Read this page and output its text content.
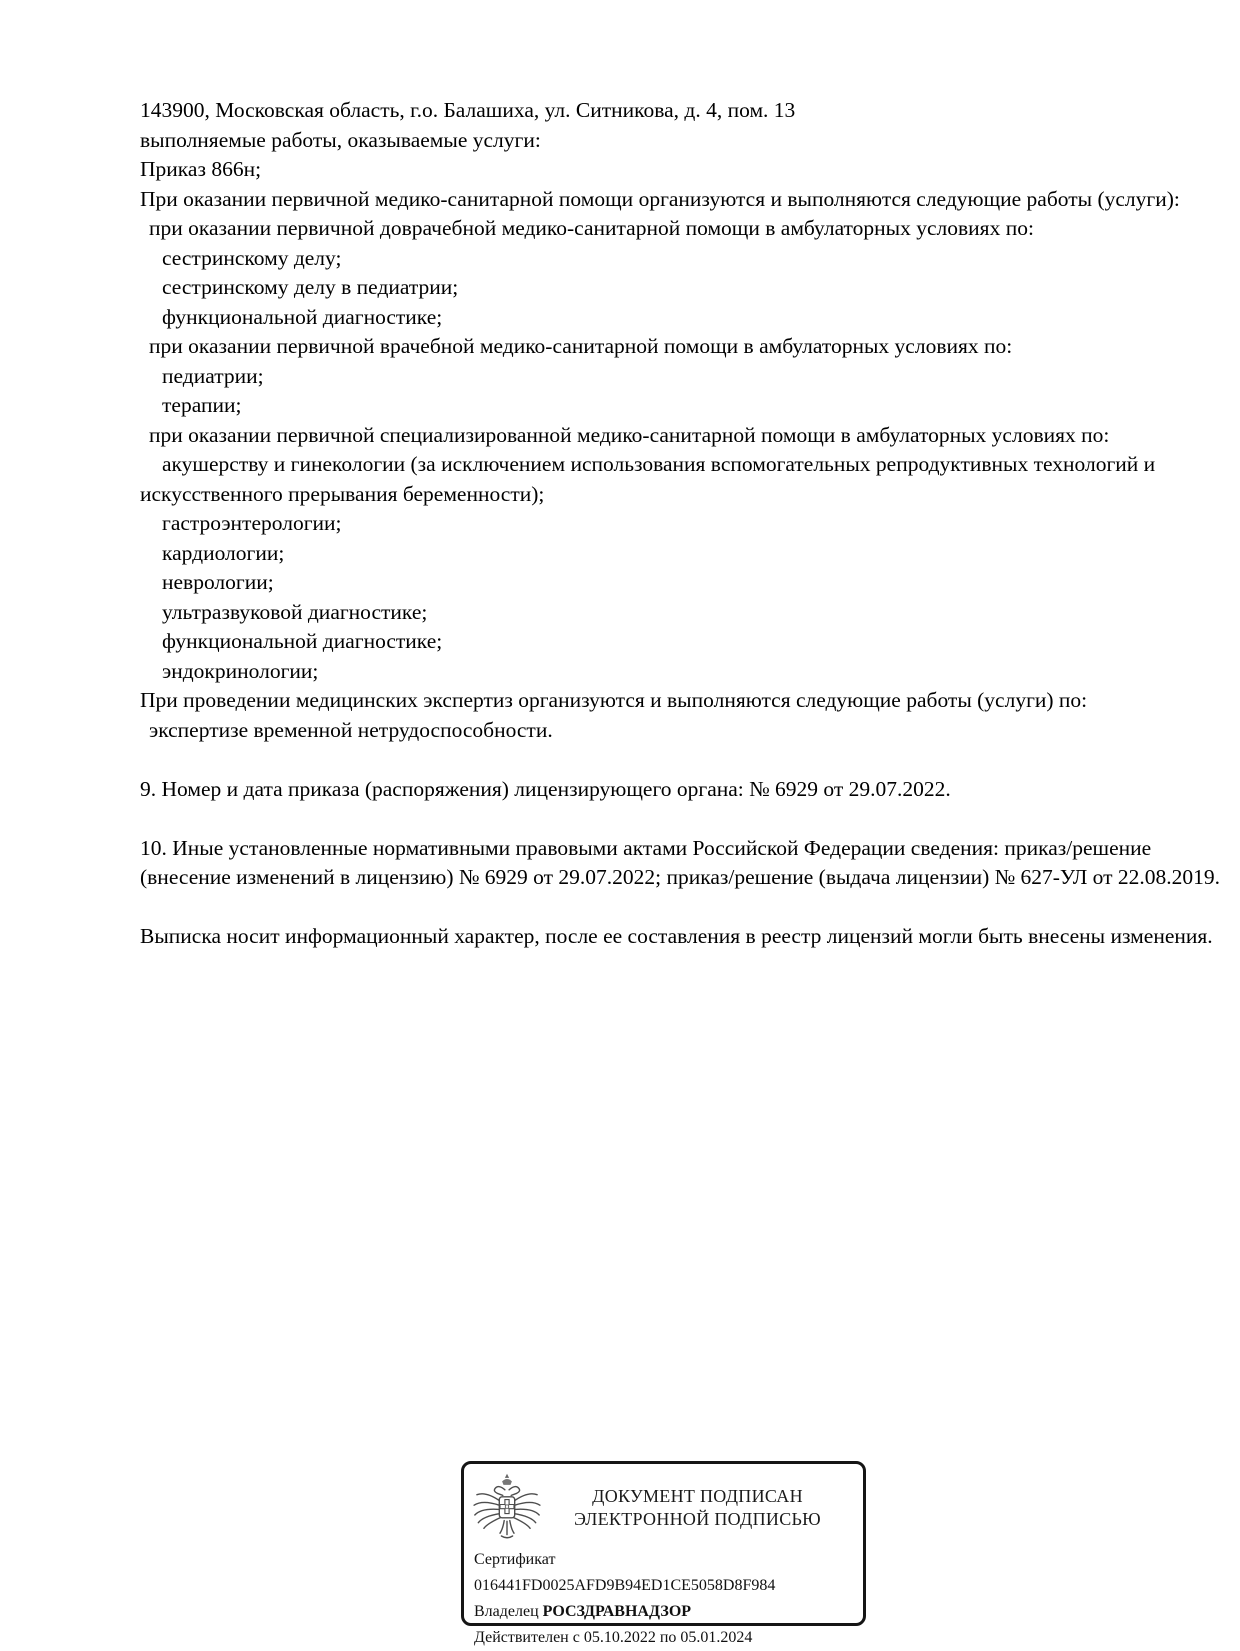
143900, Московская область, г.о. Балашиха, ул. Ситникова, д. 4, пом. 13

выполняемые работы, оказываемые услуги:

Приказ 866н;

При оказании первичной медико-санитарной помощи организуются и выполняются следующие работы (услуги):

при оказании первичной доврачебной медико-санитарной помощи в амбулаторных условиях по:

сестринскому делу;

сестринскому делу в педиатрии;

функциональной диагностике;

при оказании первичной врачебной медико-санитарной помощи в амбулаторных условиях по:

педиатрии;

терапии;

при оказании первичной специализированной медико-санитарной помощи в амбулаторных условиях по:

акушерству и гинекологии (за исключением использования вспомогательных репродуктивных технологий и искусственного прерывания беременности);

гастроэнтерологии;

кардиологии;

неврологии;

ультразвуковой диагностике;

функциональной диагностике;

эндокринологии;

При проведении медицинских экспертиз организуются и выполняются следующие работы (услуги) по:

экспертизе временной нетрудоспособности.

9. Номер и дата приказа (распоряжения) лицензирующего органа: № 6929 от 29.07.2022.

10. Иные установленные нормативными правовыми актами Российской Федерации сведения: приказ/решение (внесение изменений в лицензию) № 6929 от 29.07.2022; приказ/решение (выдача лицензии) № 627-УЛ от 22.08.2019.

Выписка носит информационный характер, после ее составления в реестр лицензий могли быть внесены изменения.

ДОКУМЕНТ ПОДПИСАН
ЭЛЕКТРОННОЙ ПОДПИСЬЮ
Сертификат 016441FD0025AFD9B94ED1CE5058D8F984
Владелец РОСЗДРАВНАДЗОР
Действителен с 05.10.2022 по 05.01.2024
